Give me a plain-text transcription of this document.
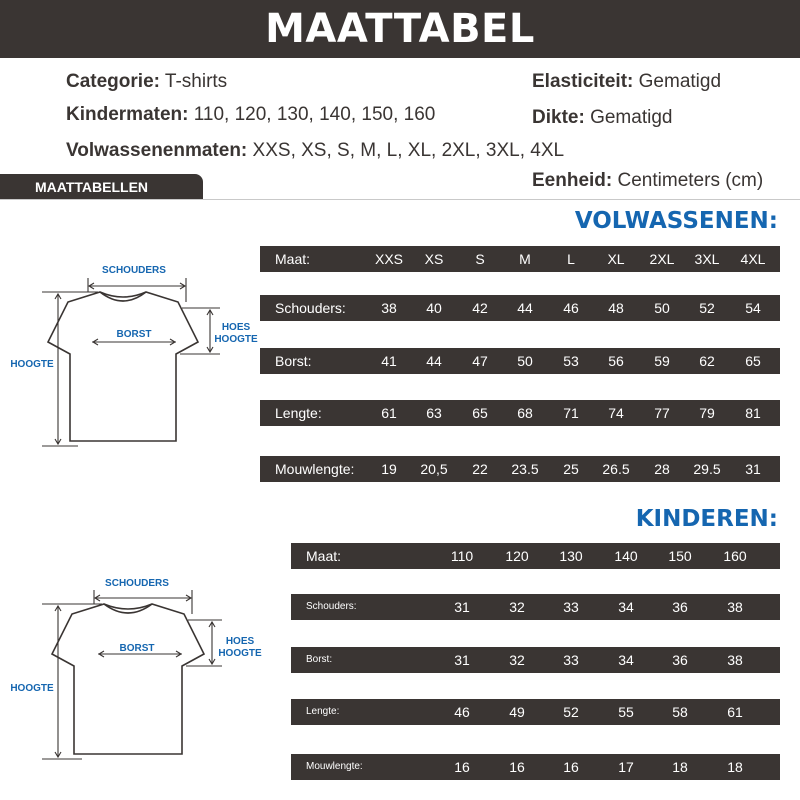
MAATTABEL
Categorie: T-shirts
Kindermaten: 110, 120, 130, 140, 150, 160
Volwassenenmaten: XXS, XS, S, M, L, XL, 2XL, 3XL, 4XL
Elasticiteit: Gematigd
Dikte: Gematigd
Eenheid: Centimeters (cm)
MAATTABELLEN
VOLWASSENEN:
KINDEREN:
Maat:	XXS	XS	S	M	L	XL	2XL	3XL	4XL
Schouders:	38	40	42	44	46	48	50	52	54
Borst:	41	44	47	50	53	56	59	62	65
Lengte:	61	63	65	68	71	74	77	79	81
Mouwlengte:	19	20,5	22	23.5	25	26.5	28	29.5	31
Maat:	110	120	130	140	150	160
Schouders:	31	32	33	34	36	38
Borst:	31	32	33	34	36	38
Lengte:	46	49	52	55	58	61
Mouwlengte:	16	16	16	17	18	18
SCHOUDERS
BORST
HOOGTE
HOES
HOOGTE
SCHOUDERS
BORST
HOOGTE
HOES
HOOGTE
